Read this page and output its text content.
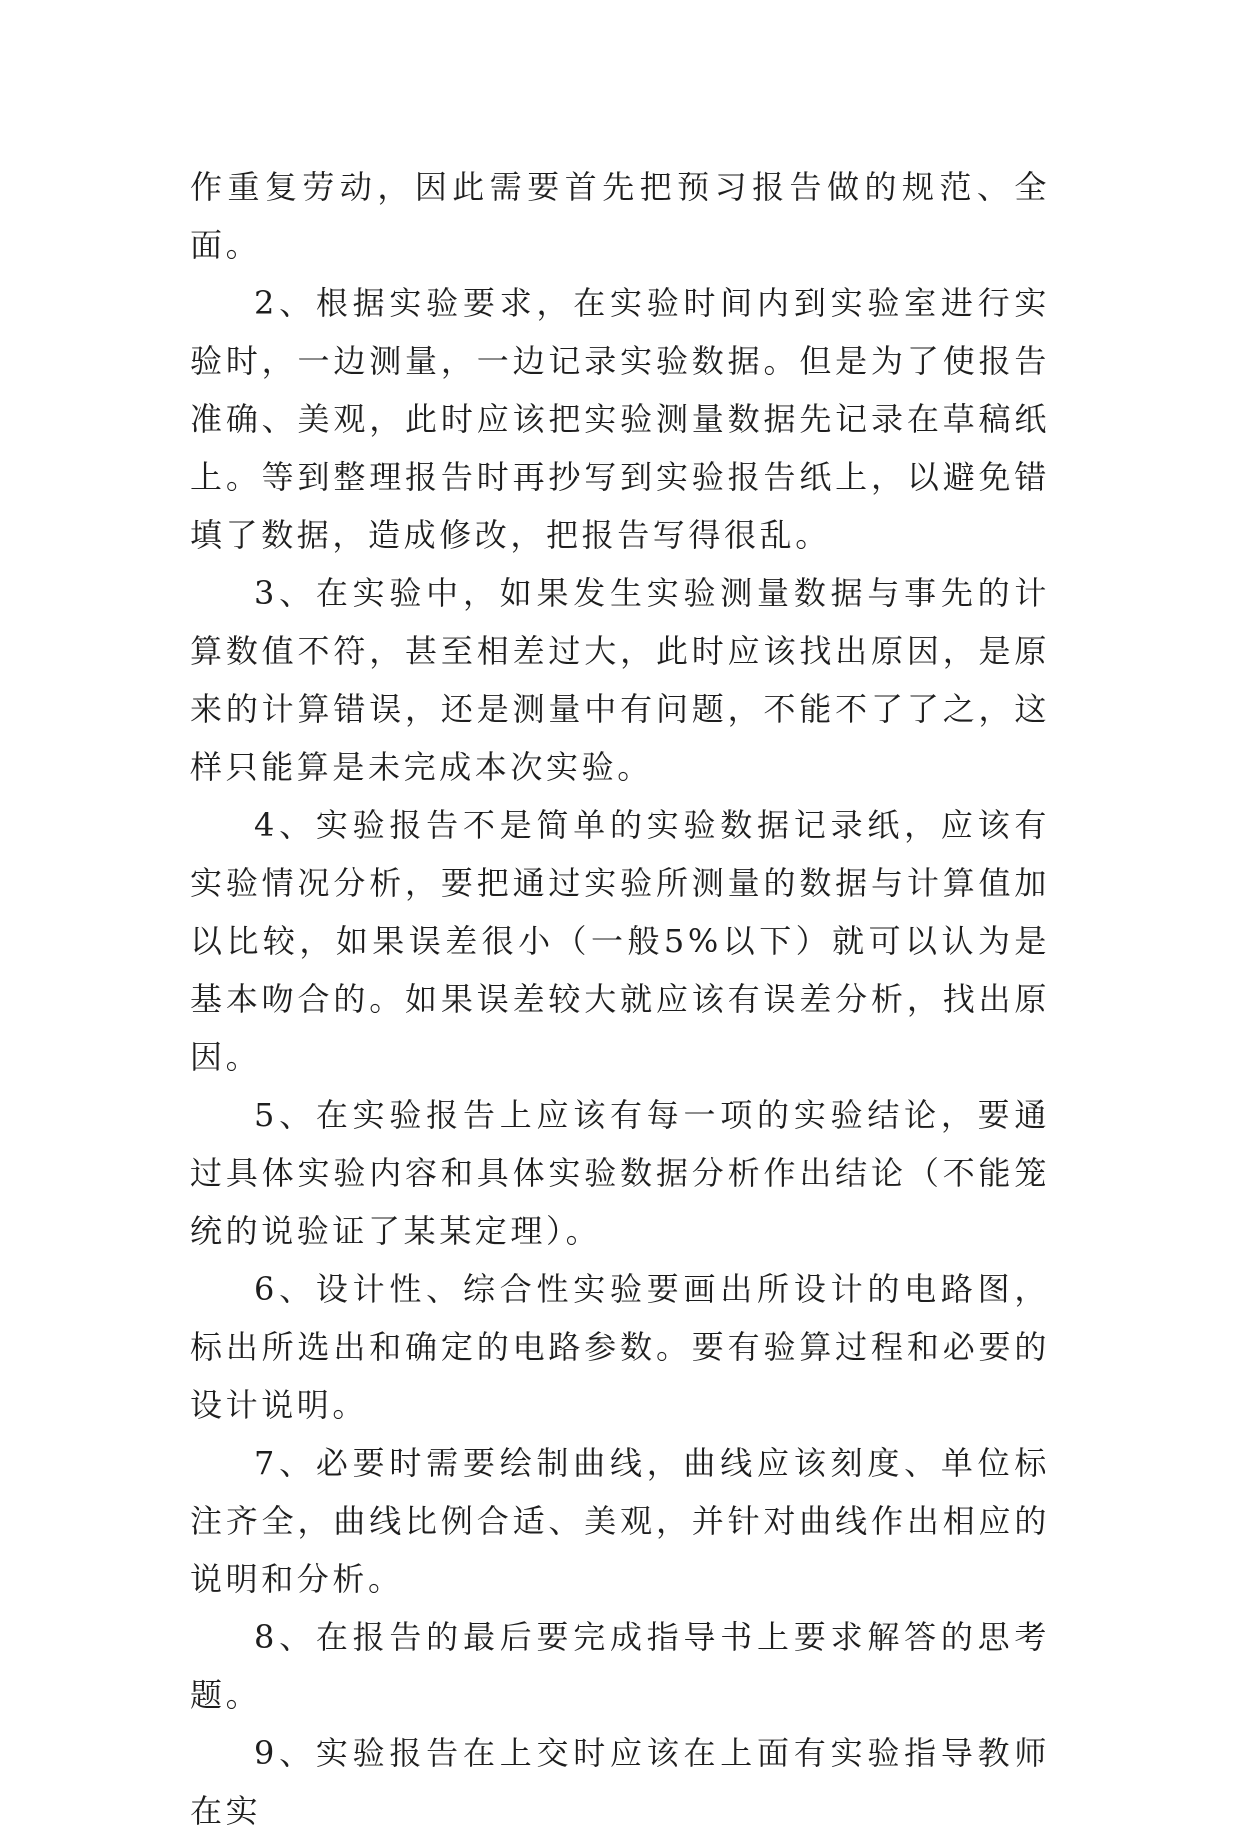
作重复劳动，因此需要首先把预习报告做的规范、全面。

2、根据实验要求，在实验时间内到实验室进行实验时，一边测量，一边记录实验数据。但是为了使报告准确、美观，此时应该把实验测量数据先记录在草稿纸上。等到整理报告时再抄写到实验报告纸上，以避免错填了数据，造成修改，把报告写得很乱。

3、在实验中，如果发生实验测量数据与事先的计算数值不符，甚至相差过大，此时应该找出原因，是原来的计算错误，还是测量中有问题，不能不了了之，这样只能算是未完成本次实验。

4、实验报告不是简单的实验数据记录纸，应该有实验情况分析，要把通过实验所测量的数据与计算值加以比较，如果误差很小（一般5%以下）就可以认为是基本吻合的。如果误差较大就应该有误差分析，找出原因。

5、在实验报告上应该有每一项的实验结论，要通过具体实验内容和具体实验数据分析作出结论（不能笼统的说验证了某某定理）。

6、设计性、综合性实验要画出所设计的电路图，标出所选出和确定的电路参数。要有验算过程和必要的设计说明。

7、必要时需要绘制曲线，曲线应该刻度、单位标注齐全，曲线比例合适、美观，并针对曲线作出相应的说明和分析。

8、在报告的最后要完成指导书上要求解答的思考题。

9、实验报告在上交时应该在上面有实验指导教师在实
